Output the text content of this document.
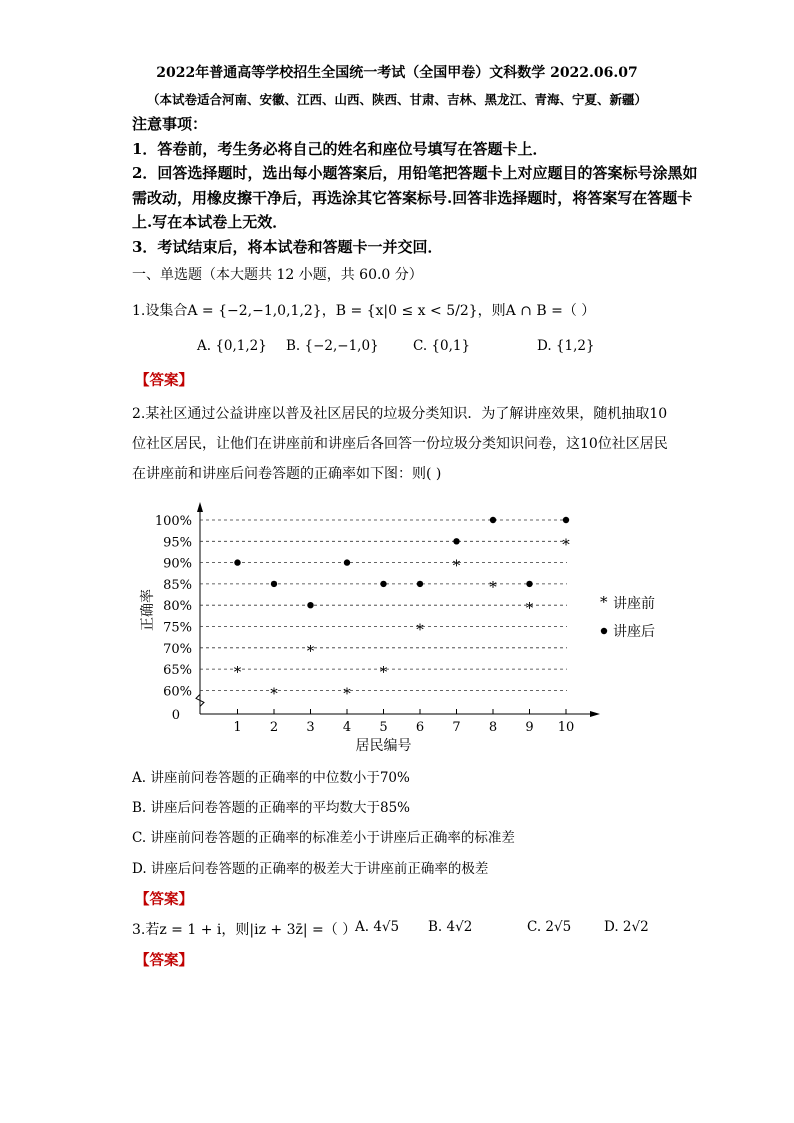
2022年普通高等学校招生全国统一考试（全国甲卷）文科数学 2022.06.07
（本试卷适合河南、安徽、江西、山西、陕西、甘肃、吉林、黑龙江、青海、宁夏、新疆）
注意事项：
1．答卷前，考生务必将自己的姓名和座位号填写在答题卡上．
2．回答选择题时，选出每小题答案后，用铅笔把答题卡上对应题目的答案标号涂黑如
需改动，用橡皮擦干净后，再选涂其它答案标号.回答非选择题时，将答案写在答题卡
上.写在本试卷上无效．
3．考试结束后，将本试卷和答题卡一并交回．
一、单选题（本大题共 12 小题，共 60.0 分）
1.设集合A = {−2,−1,0,1,2}，B = {x|0 ≤ x < 5/2}，则A ∩ B =（ ）
A. {0,1,2} B. {−2,−1,0}	C. {0,1}	D. {1,2}
【答案】
2.某社区通过公益讲座以普及社区居民的垃圾分类知识．为了解讲座效果，随机抽取10
位社区居民，让他们在讲座前和讲座后各回答一份垃圾分类知识问卷，这10位社区居民
在讲座前和讲座后问卷答题的正确率如下图：则( )
100%
95%
90%
85%
80%
75%
70%
65%
60%
0
1 2 3 4 5 6 7 8 9 10
居民编号
正确率
*
*
*
*
*
*
*
*
*
*
* 讲座前
讲座后
A. 讲座前问卷答题的正确率的中位数小于70%
B. 讲座后问卷答题的正确率的平均数大于85%
C. 讲座前问卷答题的正确率的标准差小于讲座后正确率的标准差
D. 讲座后问卷答题的正确率的极差大于讲座前正确率的极差
【答案】
3.若z = 1 + i，则|iz + 3z̄| =（ ）
A. 4√5 B. 4√2	C. 2√5 D. 2√2
【答案】
